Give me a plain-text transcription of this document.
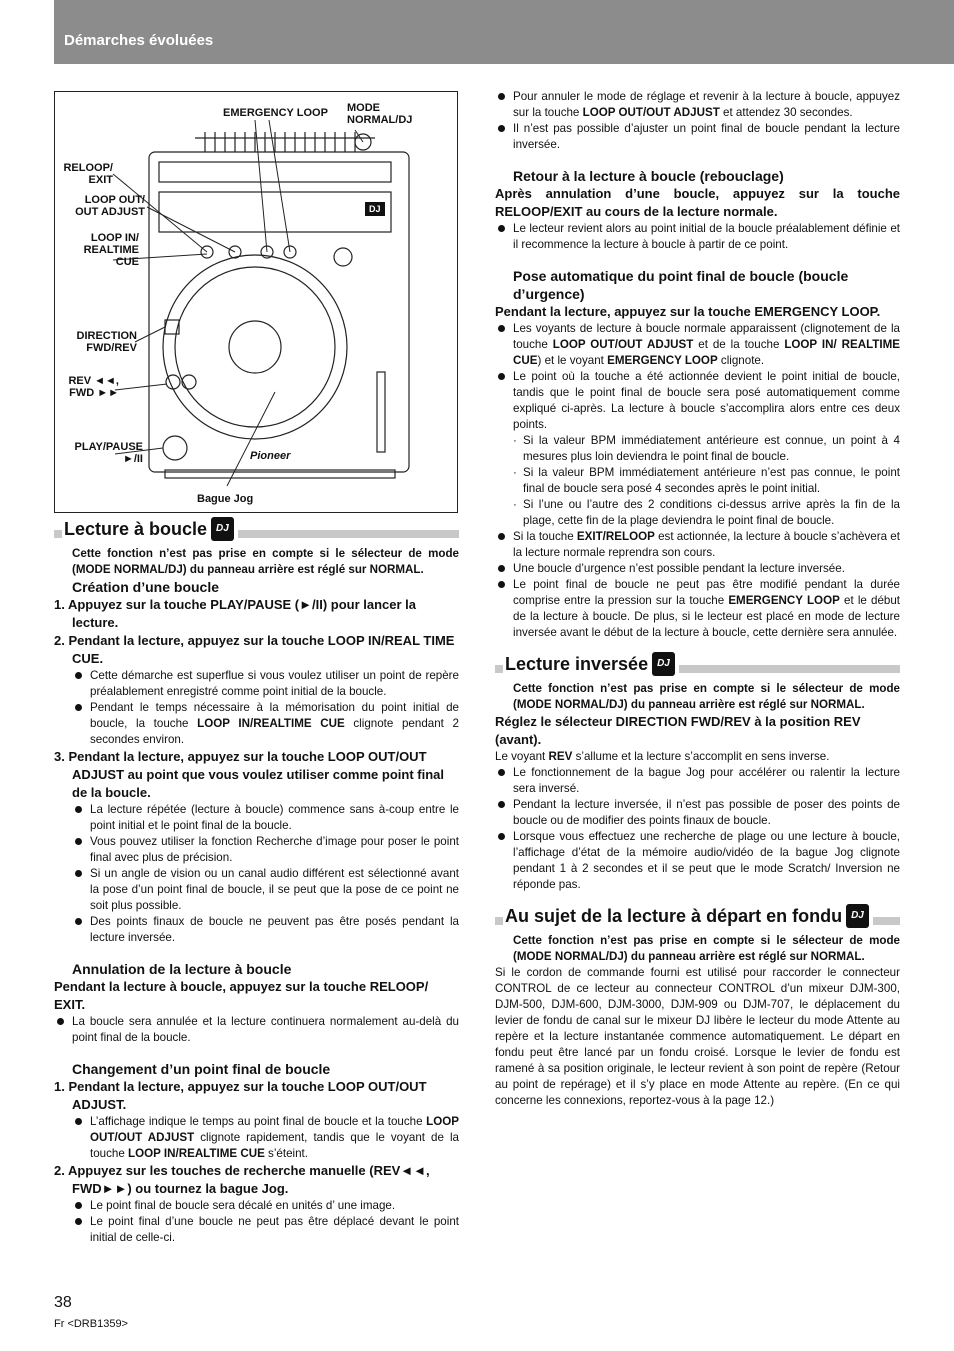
Démarches évoluées
EMERGENCY LOOP MODE NORMAL/DJ
RELOOP/ EXIT
LOOP OUT/ OUT ADJUST
LOOP IN/ REALTIME CUE
DIRECTION FWD/REV
REV ◄◄, FWD ►►
PLAY/PAUSE ►/II
Bague Jog
Pioneer
DJ
Lecture à boucle DJ

Cette fonction n’est pas prise en compte si le sélecteur de mode (MODE NORMAL/DJ) du panneau arrière est réglé sur NORMAL.

Création d’une boucle

1. Appuyez sur la touche PLAY/PAUSE (►/II) pour lancer la lecture.

2. Pendant la lecture, appuyez sur la touche LOOP IN/REAL TIME CUE.

Cette démarche est superflue si vous voulez utiliser un point de repère préalablement enregistré comme point initial de la boucle.
Pendant le temps nécessaire à la mémorisation du point initial de boucle, la touche LOOP IN/REALTIME CUE clignote pendant 2 secondes environ.

3. Pendant la lecture, appuyez sur la touche LOOP OUT/OUT ADJUST au point que vous voulez utiliser comme point final de la boucle.

La lecture répétée (lecture à boucle) commence sans à-coup entre le point initial et le point final de la boucle.
Vous pouvez utiliser la fonction Recherche d’image pour poser le point final avec plus de précision.
Si un angle de vision ou un canal audio différent est sélectionné avant la pose d’un point final de boucle, il se peut que la pose de ce point ne soit plus possible.
Des points finaux de boucle ne peuvent pas être posés pendant la lecture inversée.

Annulation de la lecture à boucle

Pendant la lecture à boucle, appuyez sur la touche RELOOP/ EXIT.

La boucle sera annulée et la lecture continuera normalement au-delà du point final de la boucle.

Changement d’un point final de boucle

1. Pendant la lecture, appuyez sur la touche LOOP OUT/OUT ADJUST.

L’affichage indique le temps au point final de boucle et la touche LOOP OUT/OUT ADJUST clignote rapidement, tandis que le voyant de la touche LOOP IN/REALTIME CUE s’éteint.

2. Appuyez sur les touches de recherche manuelle (REV◄◄, FWD►►) ou tournez la bague Jog.

Le point final de boucle sera décalé en unités d’ une image.
Le point final d’une boucle ne peut pas être déplacé devant le point initial de celle-ci.
Pour annuler le mode de réglage et revenir à la lecture à boucle, appuyez sur la touche LOOP OUT/OUT ADJUST et attendez 30 secondes.
Il n’est pas possible d’ajuster un point final de boucle pendant la lecture inversée.

Retour à la lecture à boucle (rebouclage)

Après annulation d’une boucle, appuyez sur la touche RELOOP/EXIT au cours de la lecture normale.

Le lecteur revient alors au point initial de la boucle préalablement définie et il recommence la lecture à boucle à partir de ce point.

Pose automatique du point final de boucle (boucle d’urgence)

Pendant la lecture, appuyez sur la touche EMERGENCY LOOP.

Les voyants de lecture à boucle normale apparaissent (clignotement de la touche LOOP OUT/OUT ADJUST et de la touche LOOP IN/ REALTIME CUE) et le voyant EMERGENCY LOOP clignote.
Le point où la touche a été actionnée devient le point initial de boucle, tandis que le point final de boucle sera posé automatiquement comme expliqué ci-après. La lecture à boucle s’accomplira alors entre ces deux points.
· Si la valeur BPM immédiatement antérieure est connue, un point à 4 mesures plus loin deviendra le point final de boucle.
· Si la valeur BPM immédiatement antérieure n’est pas connue, le point final de boucle sera posé 4 secondes après le point initial.
· Si l’une ou l’autre des 2 conditions ci-dessus arrive après la fin de la plage, cette fin de la plage deviendra le point final de boucle.
Si la touche EXIT/RELOOP est actionnée, la lecture à boucle s’achèvera et la lecture normale reprendra son cours.
Une boucle d’urgence n’est possible pendant la lecture inversée.
Le point final de boucle ne peut pas être modifié pendant la durée comprise entre la pression sur la touche EMERGENCY LOOP et le début de la lecture à boucle. De plus, si le lecteur est placé en mode de lecture inversée avant le début de la lecture à boucle, cette dernière sera annulée.
Lecture inversée DJ

Cette fonction n’est pas prise en compte si le sélecteur de mode (MODE NORMAL/DJ) du panneau arrière est réglé sur NORMAL.

Réglez le sélecteur DIRECTION FWD/REV à la position REV (avant).

Le voyant REV s’allume et la lecture s’accomplit en sens inverse.

Le fonctionnement de la bague Jog pour accélérer ou ralentir la lecture sera inversé.
Pendant la lecture inversée, il n’est pas possible de poser des points de boucle ou de modifier des points finaux de boucle.
Lorsque vous effectuez une recherche de plage ou une lecture à boucle, l’affichage d’état de la mémoire audio/vidéo de la bague Jog clignote pendant 1 à 2 secondes et il se peut que le mode Scratch/ Inversion ne réponde pas.
Au sujet de la lecture à départ en fondu DJ

Cette fonction n’est pas prise en compte si le sélecteur de mode (MODE NORMAL/DJ) du panneau arrière est réglé sur NORMAL.

Si le cordon de commande fourni est utilisé pour raccorder le connecteur CONTROL de ce lecteur au connecteur CONTROL d’un mixeur DJM-300, DJM-500, DJM-600, DJM-3000, DJM-909 ou DJM-707, le déplacement du levier de fondu de canal sur le mixeur DJ libère le lecteur du mode Attente au repère et la lecture instantanée commence automatiquement. Le départ en fondu peut être lancé par un fondu croisé. Lorsque le levier de fondu est ramené à sa position originale, le lecteur revient à son point de repère (Retour au point de repérage) et il s’y place en mode Attente au repère. (En ce qui concerne les connexions, reportez-vous à la page 12.)

38
Fr <DRB1359>
